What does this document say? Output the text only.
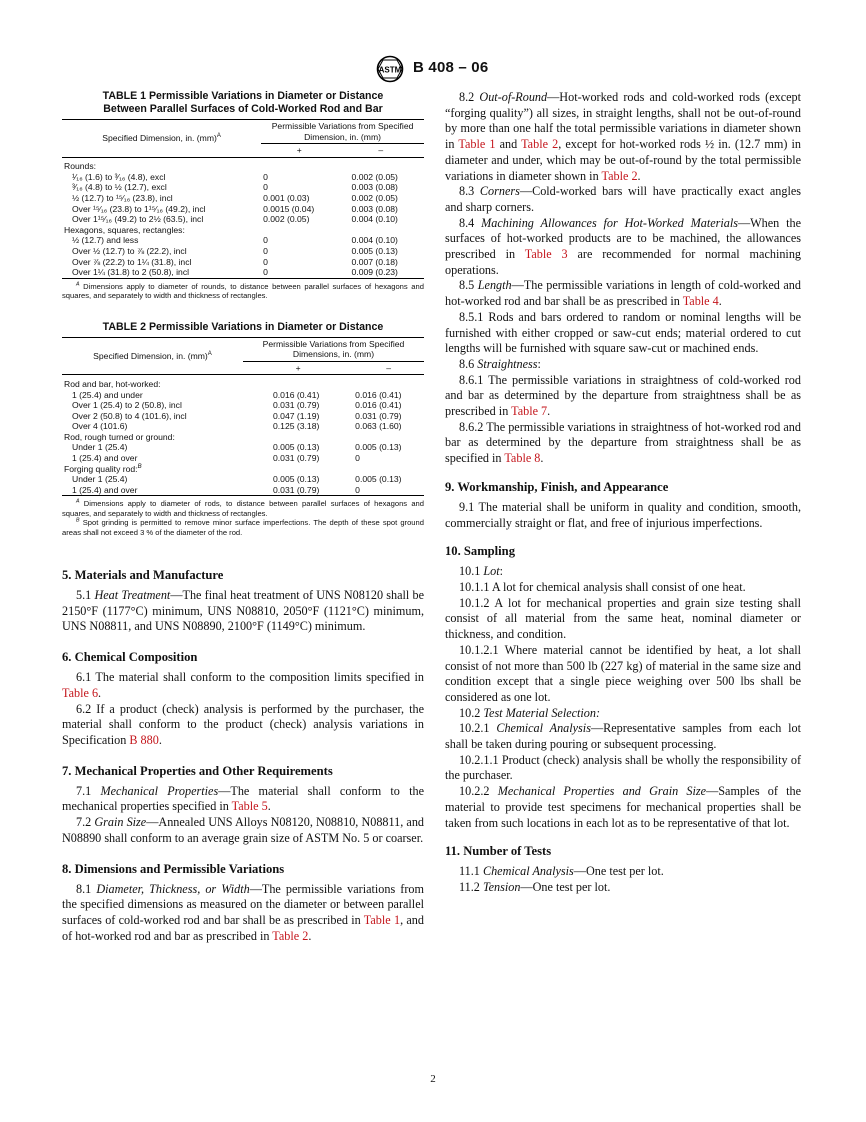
ASTM B 408 – 06
TABLE 1 Permissible Variations in Diameter or Distance
Between Parallel Surfaces of Cold-Worked Rod and Bar
Specified Dimension, in. (mm)$^A$	Permissible Variations from Specified Dimension, in. (mm)	
	+	–

Rounds:		
¹⁄₁₆ (1.6) to ³⁄₁₆ (4.8), excl	0	0.002 (0.05)
³⁄₁₆ (4.8) to ½ (12.7), excl	0	0.003 (0.08)
½ (12.7) to ¹⁵⁄₁₆ (23.8), incl	0.001 (0.03)	0.002 (0.05)
Over ¹⁵⁄₁₆ (23.8) to 1¹⁵⁄₁₆ (49.2), incl	0.0015 (0.04)	0.003 (0.08)
Over 1¹⁵⁄₁₆ (49.2) to 2½ (63.5), incl	0.002 (0.05)	0.004 (0.10)
Hexagons, squares, rectangles:		
½ (12.7) and less	0	0.004 (0.10)
Over ½ (12.7) to ⅞ (22.2), incl	0	0.005 (0.13)
Over ⅞ (22.2) to 1¼ (31.8), incl	0	0.007 (0.18)
Over 1¼ (31.8) to 2 (50.8), incl	0	0.009 (0.23)
$^A$ Dimensions apply to diameter of rounds, to distance between parallel surfaces of hexagons and squares, and separately to width and thickness of rectangles.
TABLE 2 Permissible Variations in Diameter or Distance
Specified Dimension, in. (mm)$^A$	Permissible Variations from Specified Dimensions, in. (mm)	
	+	–

Rod and bar, hot-worked:		
1 (25.4) and under	0.016 (0.41)	0.016 (0.41)
Over 1 (25.4) to 2 (50.8), incl	0.031 (0.79)	0.016 (0.41)
Over 2 (50.8) to 4 (101.6), incl	0.047 (1.19)	0.031 (0.79)
Over 4 (101.6)	0.125 (3.18)	0.063 (1.60)
Rod, rough turned or ground:		
Under 1 (25.4)	0.005 (0.13)	0.005 (0.13)
1 (25.4) and over	0.031 (0.79)	0
Forging quality rod:$^B$
Under 1 (25.4)	0.005 (0.13)	0.005 (0.13)
1 (25.4) and over	0.031 (0.79)	0
$^A$ Dimensions apply to diameter of rods, to distance between parallel surfaces of hexagons and squares, and separately to width and thickness of rectangles.
$^B$ Spot grinding is permitted to remove minor surface imperfections. The depth of these spot ground areas shall not exceed 3 % of the diameter of the rod.
5. Materials and Manufacture

5.1 Heat Treatment—The final heat treatment of UNS N08120 shall be 2150°F (1177°C) minimum, UNS N08810, 2050°F (1121°C) minimum, UNS N08811, and UNS N08890, 2100°F (1149°C) minimum.

6. Chemical Composition

6.1 The material shall conform to the composition limits specified in Table 6.

6.2 If a product (check) analysis is performed by the purchaser, the material shall conform to the product (check) analysis variations in Specification B 880.

7. Mechanical Properties and Other Requirements

7.1 Mechanical Properties—The material shall conform to the mechanical properties specified in Table 5.

7.2 Grain Size—Annealed UNS Alloys N08120, N08810, N08811, and N08890 shall conform to an average grain size of ASTM No. 5 or coarser.

8. Dimensions and Permissible Variations

8.1 Diameter, Thickness, or Width—The permissible variations from the specified dimensions as measured on the diameter or between parallel surfaces of cold-worked rod and bar shall be as prescribed in Table 1, and of hot-worked rod and bar as prescribed in Table 2.

8.2 Out-of-Round—Hot-worked rods and cold-worked rods (except “forging quality”) all sizes, in straight lengths, shall not be out-of-round by more than one half the total permissible variations in diameter shown in Table 1 and Table 2, except for hot-worked rods ½ in. (12.7 mm) in diameter and under, which may be out-of-round by the total permissible variations in diameter shown in Table 2.

8.3 Corners—Cold-worked bars will have practically exact angles and sharp corners.

8.4 Machining Allowances for Hot-Worked Materials—When the surfaces of hot-worked products are to be machined, the allowances prescribed in Table 3 are recommended for normal machining operations.

8.5 Length—The permissible variations in length of cold-worked and hot-worked rod and bar shall be as prescribed in Table 4.

8.5.1 Rods and bars ordered to random or nominal lengths will be furnished with either cropped or saw-cut ends; material ordered to cut lengths will be furnished with square saw-cut or machined ends.

8.6 Straightness:

8.6.1 The permissible variations in straightness of cold-worked rod and bar as determined by the departure from straightness shall be as prescribed in Table 7.

8.6.2 The permissible variations in straightness of hot-worked rod and bar as determined by the departure from straightness shall be as specified in Table 8.

9. Workmanship, Finish, and Appearance

9.1 The material shall be uniform in quality and condition, smooth, commercially straight or flat, and free of injurious imperfections.

10. Sampling

10.1 Lot:

10.1.1 A lot for chemical analysis shall consist of one heat.

10.1.2 A lot for mechanical properties and grain size testing shall consist of all material from the same heat, nominal diameter or thickness, and condition.

10.1.2.1 Where material cannot be identified by heat, a lot shall consist of not more than 500 lb (227 kg) of material in the same size and condition except that a single piece weighing over 500 lbs shall be considered as one lot.

10.2 Test Material Selection:

10.2.1 Chemical Analysis—Representative samples from each lot shall be taken during pouring or subsequent processing.

10.2.1.1 Product (check) analysis shall be wholly the responsibility of the purchaser.

10.2.2 Mechanical Properties and Grain Size—Samples of the material to provide test specimens for mechanical properties shall be taken from such locations in each lot as to be representative of that lot.

11. Number of Tests

11.1 Chemical Analysis—One test per lot.

11.2 Tension—One test per lot.

2
